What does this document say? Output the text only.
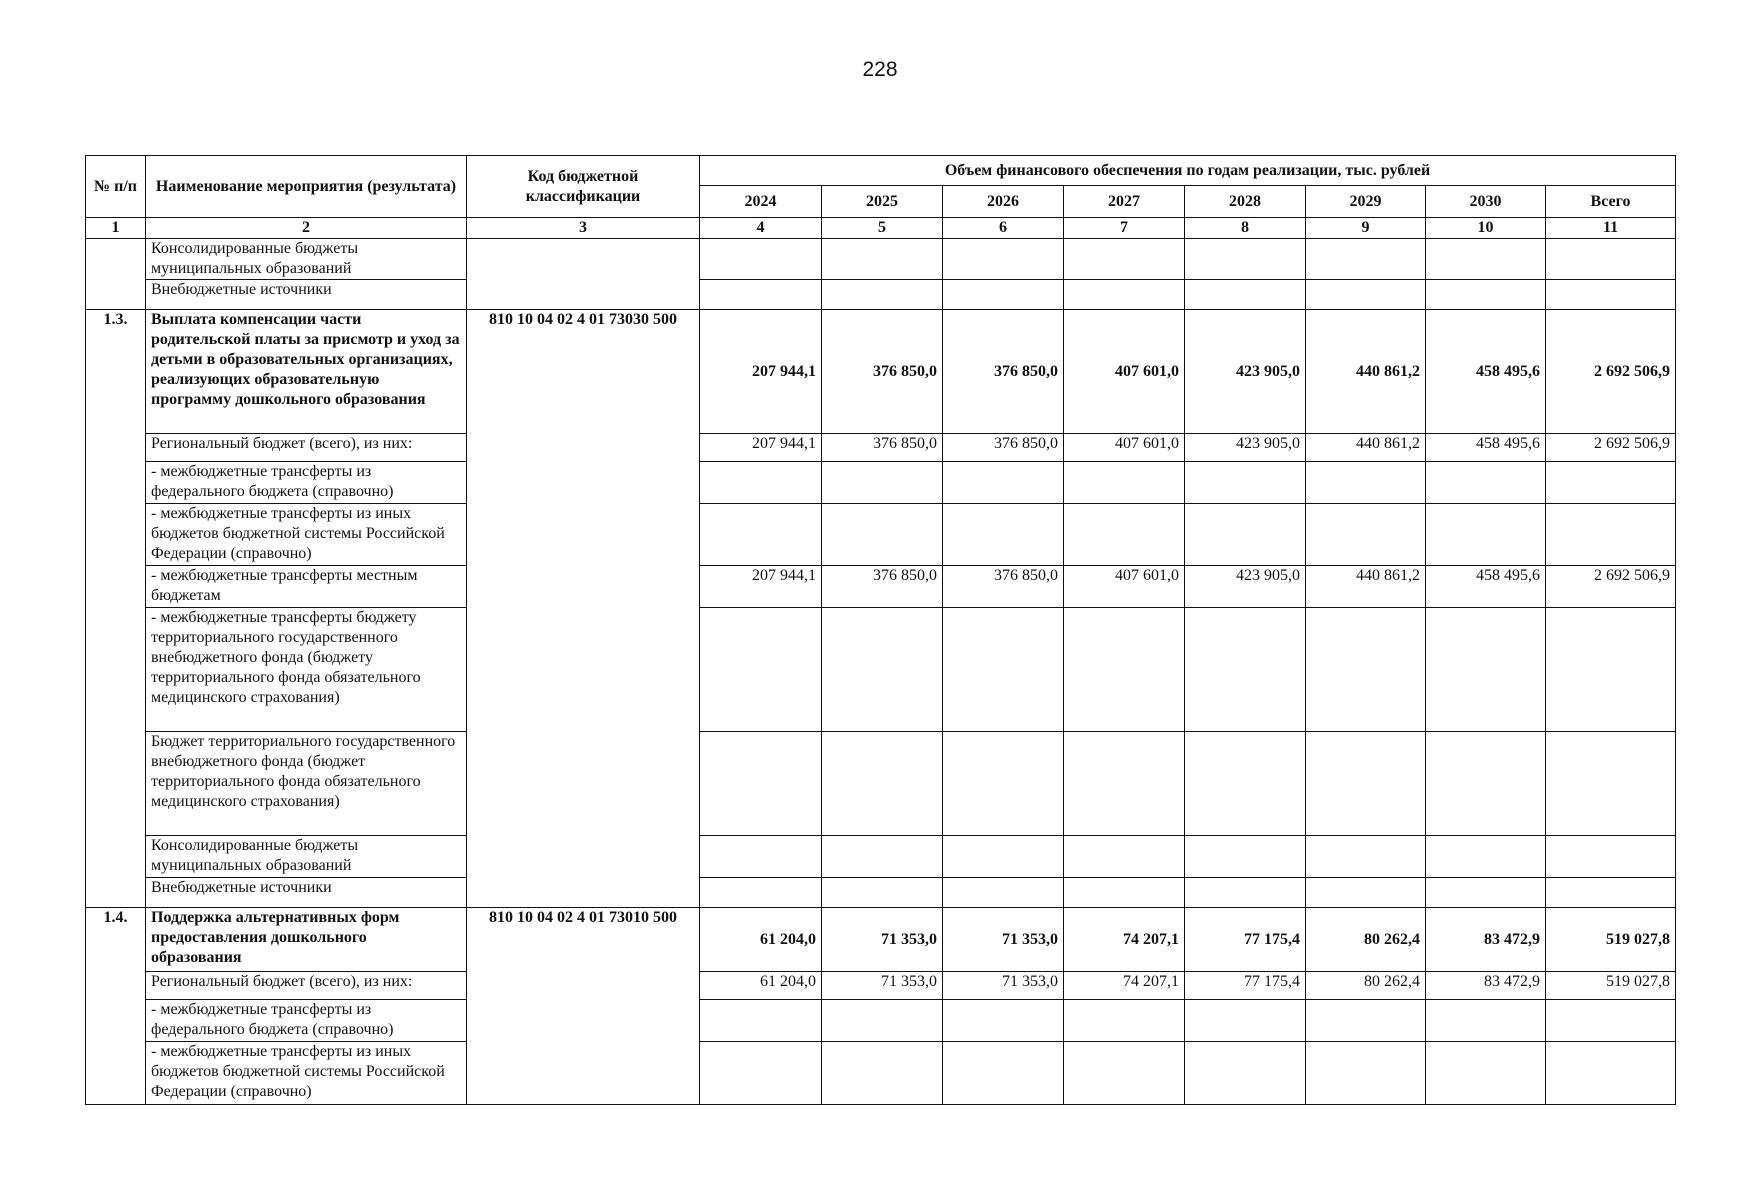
228
№ п/п	Наименование мероприятия (результата)	Код бюджетной классификации	Объем финансового обеспечения по годам реализации, тыс. рублей							
			2024	2025	2026	2027	2028	2029	2030	Всего
1	2	3	4	5	6	7	8	9	10	11
	Консолидированные бюджеты муниципальных образований									
	Внебюджетные источники									
1.3.	Выплата компенсации части родительской платы за присмотр и уход за детьми в образовательных организациях, реализующих образовательную программу дошкольного образования	810 10 04 02 4 01 73030 500	207 944,1	376 850,0	376 850,0	407 601,0	423 905,0	440 861,2	458 495,6	2 692 506,9
	Региональный бюджет (всего), из них:		207 944,1	376 850,0	376 850,0	407 601,0	423 905,0	440 861,2	458 495,6	2 692 506,9
	- межбюджетные трансферты из федерального бюджета (справочно)									
	- межбюджетные трансферты из иных бюджетов бюджетной системы Российской Федерации (справочно)									
	- межбюджетные трансферты местным бюджетам		207 944,1	376 850,0	376 850,0	407 601,0	423 905,0	440 861,2	458 495,6	2 692 506,9
	- межбюджетные трансферты бюджету территориального государственного внебюджетного фонда (бюджету территориального фонда обязательного медицинского страхования)									
	Бюджет территориального государственного внебюджетного фонда (бюджет территориального фонда обязательного медицинского страхования)									
	Консолидированные бюджеты муниципальных образований									
	Внебюджетные источники									
1.4.	Поддержка альтернативных форм предоставления дошкольного образования	810 10 04 02 4 01 73010 500	61 204,0	71 353,0	71 353,0	74 207,1	77 175,4	80 262,4	83 472,9	519 027,8
	Региональный бюджет (всего), из них:		61 204,0	71 353,0	71 353,0	74 207,1	77 175,4	80 262,4	83 472,9	519 027,8
	- межбюджетные трансферты из федерального бюджета (справочно)									
	- межбюджетные трансферты из иных бюджетов бюджетной системы Российской Федерации (справочно)									
